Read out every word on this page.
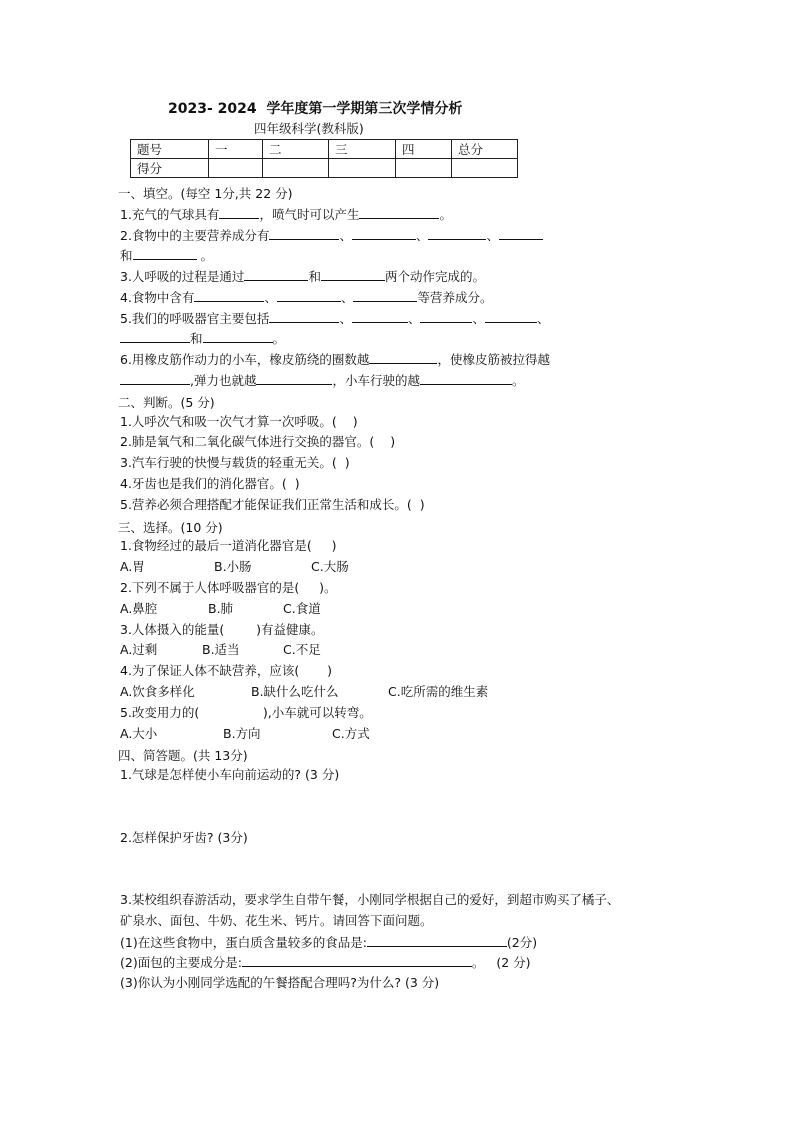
2023- 2024  学年度第一学期第三次学情分析
四年级科学(教科版)
题号	一	二	三	四	总分
得分					
一、填空。(每空 1分,共 22 分)
1.充气的气球具有	，喷气时可以产生	。
2.食物中的主要营养成分有	、	、	、
和	。
3.人呼吸的过程是通过	和	两个动作完成的。
4.食物中含有	、	、	等营养成分。
5.我们的呼吸器官主要包括	、	、	、	、
和	。
6.用橡皮筋作动力的小车，橡皮筋绕的圈数越	，使橡皮筋被拉得越
,弹力也就越	，小车行驶的越	。
二、判断。(5 分)
1.人呼次气和吸一次气才算一次呼吸。(    )
2.肺是氧气和二氧化碳气体进行交换的器官。(    )
3.汽车行驶的快慢与载货的轻重无关。(  )
4.牙齿也是我们的消化器官。(  )
5.营养必须合理搭配才能保证我们正常生活和成长。(  )
三、选择。(10 分)
1.食物经过的最后一道消化器官是(     )
A.胃	B.小肠	C.大肠
2.下列不属于人体呼吸器官的是(     )。
A.鼻腔	B.肺	C.食道
3.人体摄入的能量(        )有益健康。
A.过剩	B.适当	C.不足
4.为了保证人体不缺营养，应该(       )
A.饮食多样化	B.缺什么吃什么	C.吃所需的维生素
5.改变用力的(                ),小车就可以转弯。
A.大小	B.方向	C.方式
四、简答题。(共 13分)
1.气球是怎样使小车向前运动的? (3 分)
2.怎样保护牙齿? (3分)
3.某校组织春游活动，要求学生自带午餐，小刚同学根据自己的爱好，到超市购买了橘子、
矿泉水、面包、牛奶、花生米、钙片。请回答下面问题。
(1)在这些食物中，蛋白质含量较多的食品是:	(2分)
(2)面包的主要成分是:	。   (2 分)
(3)你认为小刚同学选配的午餐搭配合理吗?为什么? (3 分)
